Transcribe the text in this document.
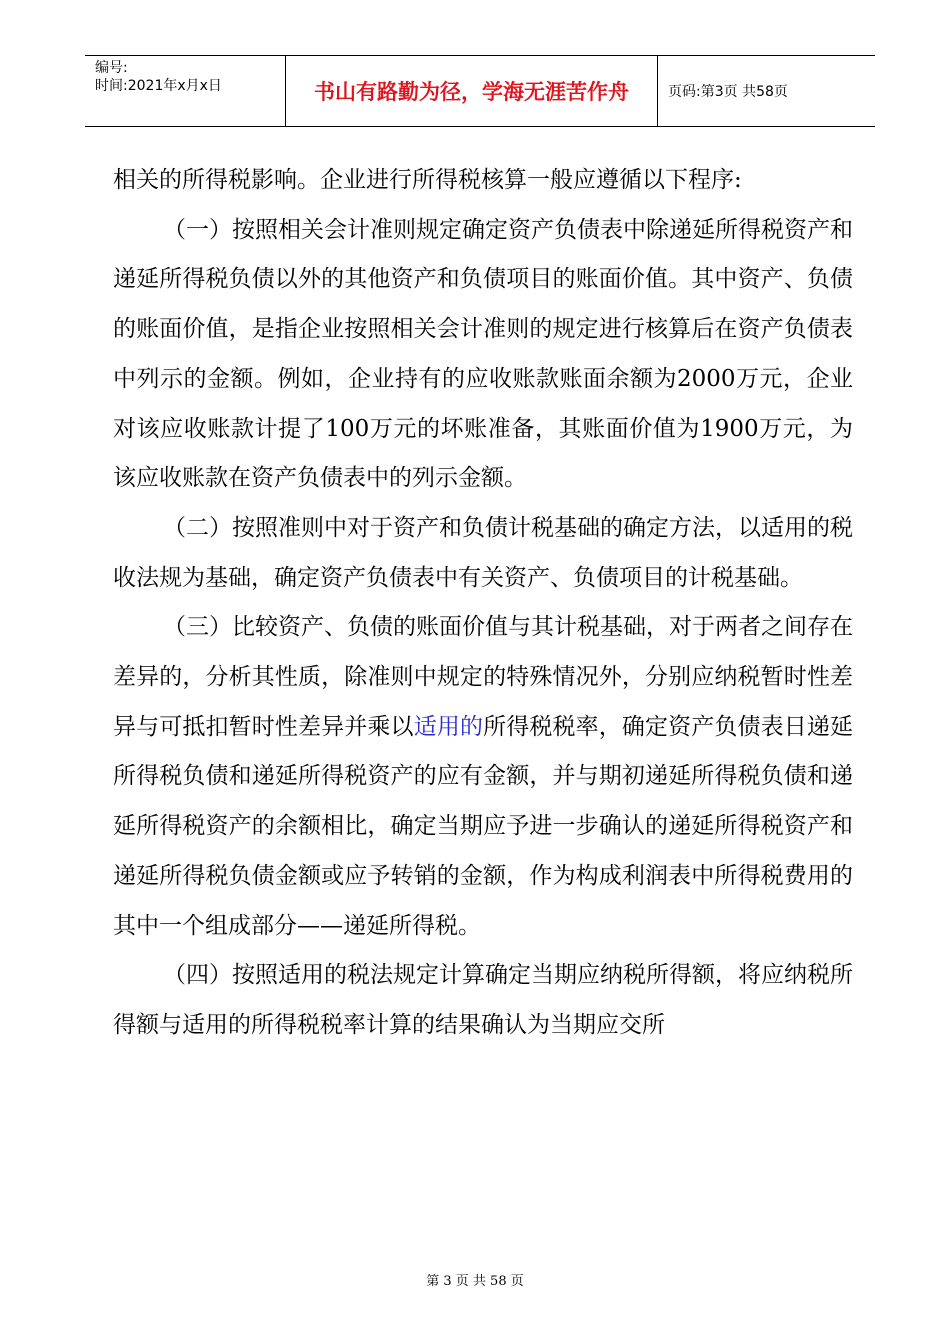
编号:
时间:2021年x月x日	书山有路勤为径，学海无涯苦作舟	页码:第3页 共58页

相关的所得税影响。企业进行所得税核算一般应遵循以下程序:

（一）按照相关会计准则规定确定资产负债表中除递延所得税资产和递延所得税负债以外的其他资产和负债项目的账面价值。其中资产、负债的账面价值，是指企业按照相关会计准则的规定进行核算后在资产负债表中列示的金额。例如，企业持有的应收账款账面余额为2000万元，企业对该应收账款计提了100万元的坏账准备，其账面价值为1900万元，为该应收账款在资产负债表中的列示金额。

（二）按照准则中对于资产和负债计税基础的确定方法，以适用的税收法规为基础，确定资产负债表中有关资产、负债项目的计税基础。

（三）比较资产、负债的账面价值与其计税基础，对于两者之间存在差异的，分析其性质，除准则中规定的特殊情况外，分别应纳税暂时性差异与可抵扣暂时性差异并乘以适用的所得税税率，确定资产负债表日递延所得税负债和递延所得税资产的应有金额，并与期初递延所得税负债和递延所得税资产的余额相比，确定当期应予进一步确认的递延所得税资产和递延所得税负债金额或应予转销的金额，作为构成利润表中所得税费用的其中一个组成部分——递延所得税。

（四）按照适用的税法规定计算确定当期应纳税所得额，将应纳税所得额与适用的所得税税率计算的结果确认为当期应交所

第 3 页 共 58 页
